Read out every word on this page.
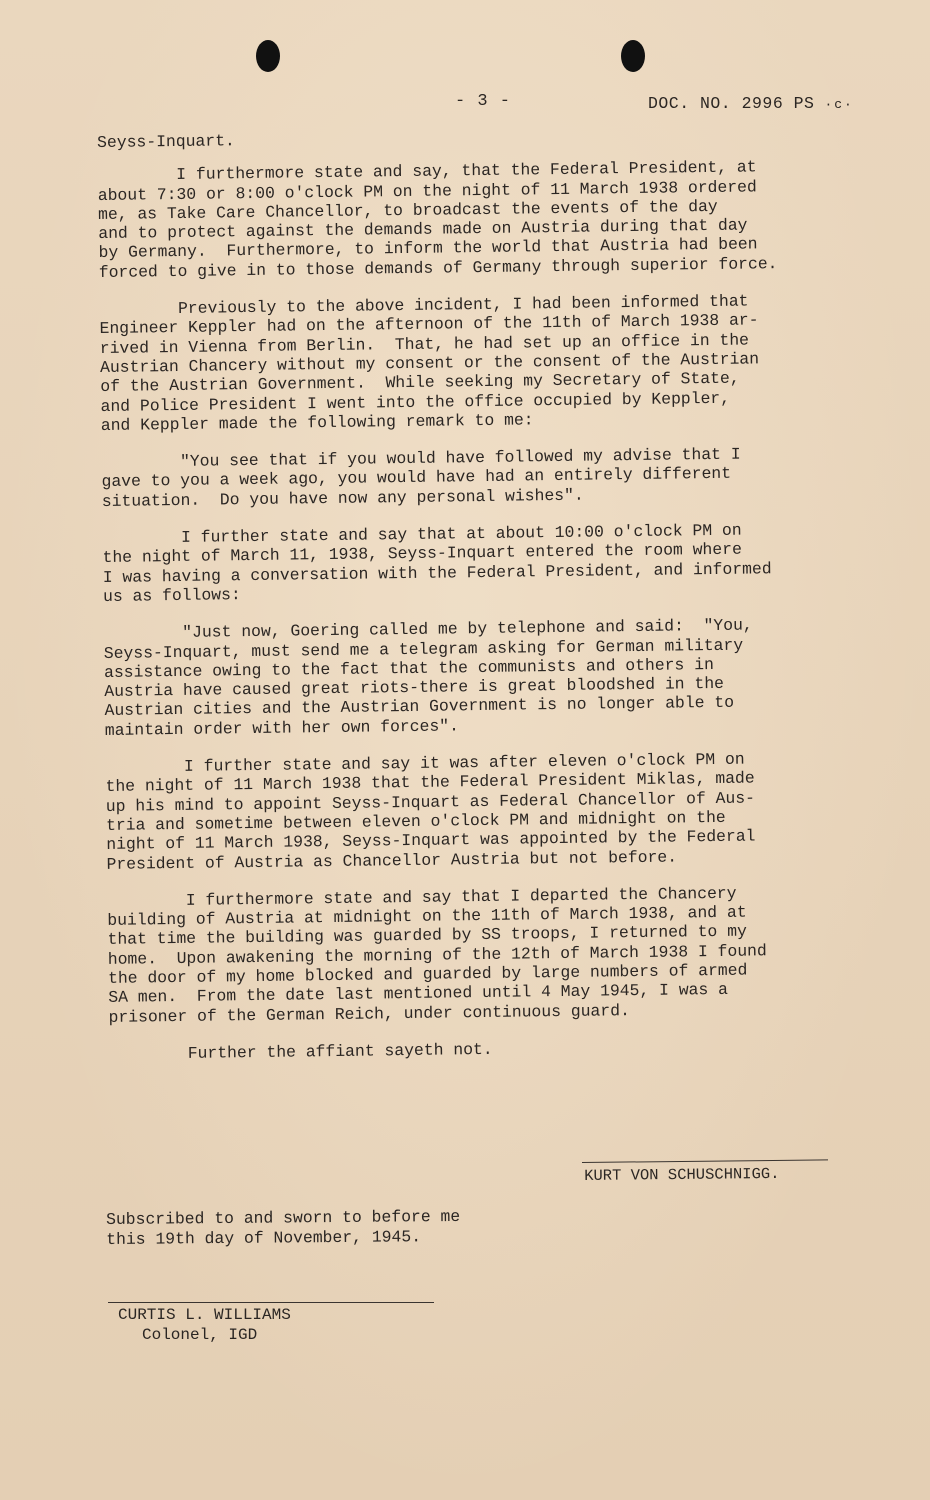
- 3 -	DOC. NO. 2996 PS ·c·

Seyss-Inquart.

I furthermore state and say, that the Federal President, at
about 7:30 or 8:00 o'clock PM on the night of 11 March 1938 ordered
me, as Take Care Chancellor, to broadcast the events of the day
and to protect against the demands made on Austria during that day
by Germany.  Furthermore, to inform the world that Austria had been
forced to give in to those demands of Germany through superior force.

Previously to the above incident, I had been informed that
Engineer Keppler had on the afternoon of the 11th of March 1938 ar-
rived in Vienna from Berlin.  That, he had set up an office in the
Austrian Chancery without my consent or the consent of the Austrian
of the Austrian Government.  While seeking my Secretary of State,
and Police President I went into the office occupied by Keppler,
and Keppler made the following remark to me:

"You see that if you would have followed my advise that I
gave to you a week ago, you would have had an entirely different
situation.  Do you have now any personal wishes".

I further state and say that at about 10:00 o'clock PM on
the night of March 11, 1938, Seyss-Inquart entered the room where
I was having a conversation with the Federal President, and informed
us as follows:

"Just now, Goering called me by telephone and said:  "You,
Seyss-Inquart, must send me a telegram asking for German military
assistance owing to the fact that the communists and others in
Austria have caused great riots-there is great bloodshed in the
Austrian cities and the Austrian Government is no longer able to
maintain order with her own forces".

I further state and say it was after eleven o'clock PM on
the night of 11 March 1938 that the Federal President Miklas, made
up his mind to appoint Seyss-Inquart as Federal Chancellor of Aus-
tria and sometime between eleven o'clock PM and midnight on the
night of 11 March 1938, Seyss-Inquart was appointed by the Federal
President of Austria as Chancellor Austria but not before.

I furthermore state and say that I departed the Chancery
building of Austria at midnight on the 11th of March 1938, and at
that time the building was guarded by SS troops, I returned to my
home.  Upon awakening the morning of the 12th of March 1938 I found
the door of my home blocked and guarded by large numbers of armed
SA men.  From the date last mentioned until 4 May 1945, I was a
prisoner of the German Reich, under continuous guard.

Further the affiant sayeth not.

KURT VON SCHUSCHNIGG.
Subscribed to and sworn to before me
this 19th day of November, 1945.
CURTIS L. WILLIAMS
Colonel, IGD
